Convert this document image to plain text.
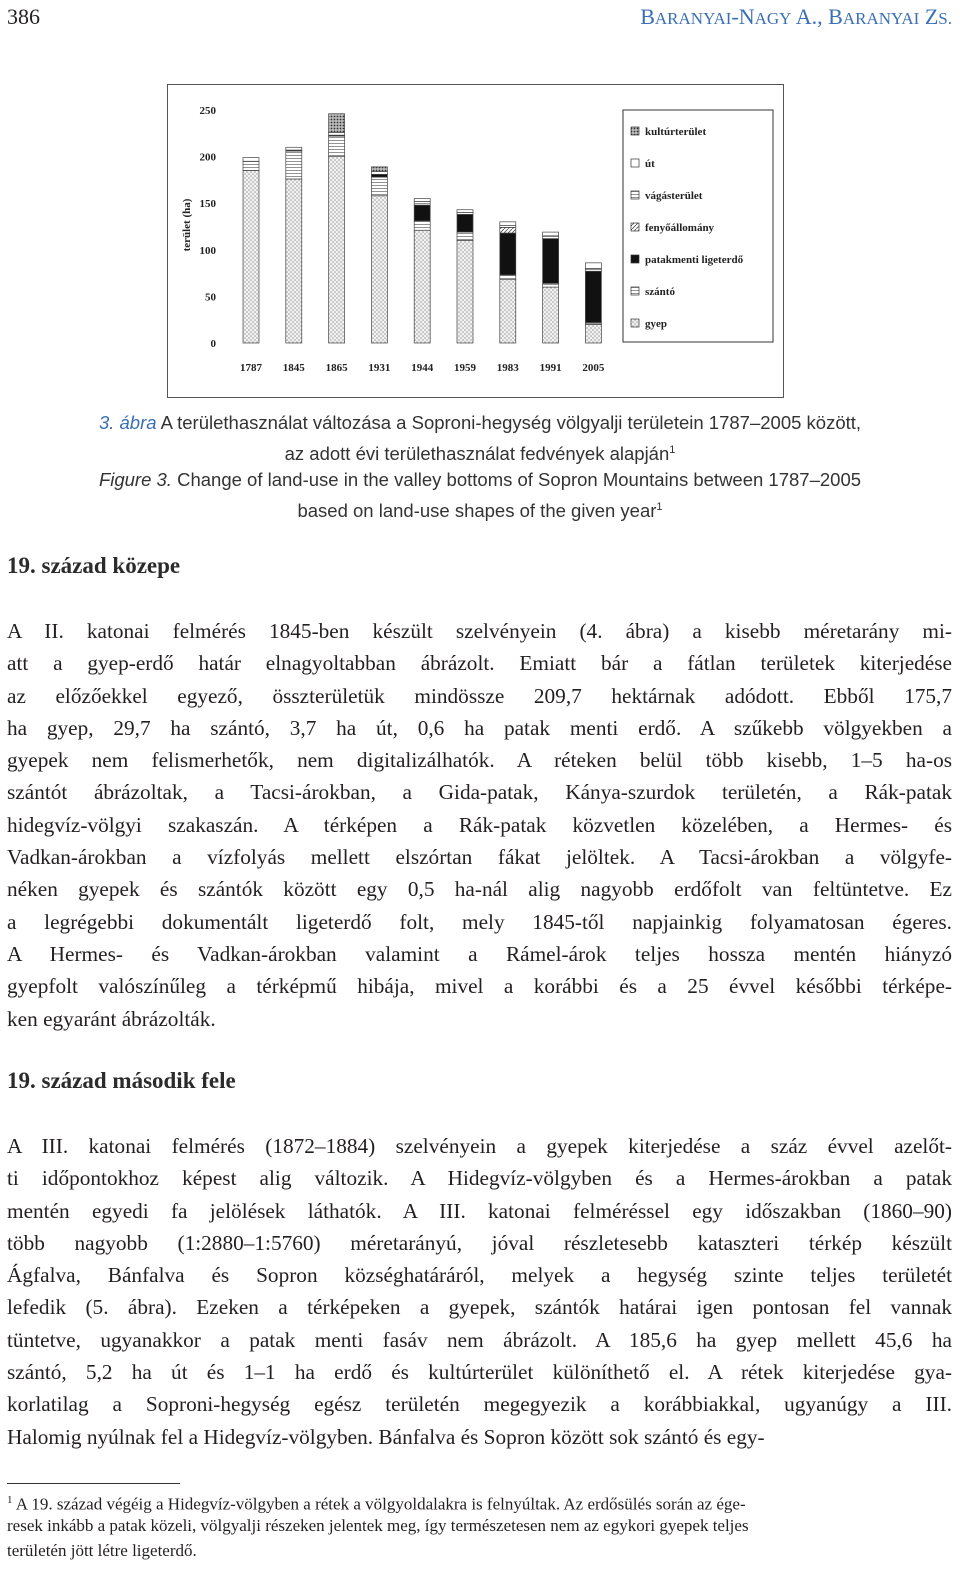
386	BARANYAI-NAGY A., BARANYAI ZS.
0
50
100
150
200
250
terület (ha)
1787 1845 1865 1931 1944 1959 1983 1991 2005
kultúrterület
út
vágásterület
fenyőállomány
patakmenti ligeterdő
szántó
gyep
3. ábra A területhasználat változása a Soproni-hegység völgyalji területein 1787–2005 között,
az adott évi területhasználat fedvények alapján$^1$
Figure 3. Change of land-use in the valley bottoms of Sopron Mountains between 1787–2005
based on land-use shapes of the given year$^1$
19. század közepe
A II. katonai felmérés 1845-ben készült szelvényein (4. ábra) a kisebb méretarány mi-
att a gyep-erdő határ elnagyoltabban ábrázolt. Emiatt bár a fátlan területek kiterjedése
az előzőekkel egyező, összterületük mindössze 209,7 hektárnak adódott. Ebből 175,7
ha gyep, 29,7 ha szántó, 3,7 ha út, 0,6 ha patak menti erdő. A szűkebb völgyekben a
gyepek nem felismerhetők, nem digitalizálhatók. A réteken belül több kisebb, 1–5 ha-os
szántót ábrázoltak, a Tacsi-árokban, a Gida-patak, Kánya-szurdok területén, a Rák-patak
hidegvíz-völgyi szakaszán. A térképen a Rák-patak közvetlen közelében, a Hermes- és
Vadkan-árokban a vízfolyás mellett elszórtan fákat jelöltek. A Tacsi-árokban a völgyfe-
néken gyepek és szántók között egy 0,5 ha-nál alig nagyobb erdőfolt van feltüntetve. Ez
a legrégebbi dokumentált ligeterdő folt, mely 1845-től napjainkig folyamatosan égeres.
A Hermes- és Vadkan-árokban valamint a Rámel-árok teljes hossza mentén hiányzó
gyepfolt valószínűleg a térképmű hibája, mivel a korábbi és a 25 évvel későbbi térképe-
ken egyaránt ábrázolták.
19. század második fele
A III. katonai felmérés (1872–1884) szelvényein a gyepek kiterjedése a száz évvel azelőt-
ti időpontokhoz képest alig változik. A Hidegvíz-völgyben és a Hermes-árokban a patak
mentén egyedi fa jelölések láthatók. A III. katonai felméréssel egy időszakban (1860–90)
több nagyobb (1:2880–1:5760) méretarányú, jóval részletesebb kataszteri térkép készült
Ágfalva, Bánfalva és Sopron községhatáráról, melyek a hegység szinte teljes területét
lefedik (5. ábra). Ezeken a térképeken a gyepek, szántók határai igen pontosan fel vannak
tüntetve, ugyanakkor a patak menti fasáv nem ábrázolt. A 185,6 ha gyep mellett 45,6 ha
szántó, 5,2 ha út és 1–1 ha erdő és kultúrterület különíthető el. A rétek kiterjedése gya-
korlatilag a Soproni-hegység egész területén megegyezik a korábbiakkal, ugyanúgy a III.
Halomig nyúlnak fel a Hidegvíz-völgyben. Bánfalva és Sopron között sok szántó és egy-
$^1$ A 19. század végéig a Hidegvíz-völgyben a rétek a völgyoldalakra is felnyúltak. Az erdősülés során az ége-
resek inkább a patak közeli, völgyalji részeken jelentek meg, így természetesen nem az egykori gyepek teljes
területén jött létre ligeterdő.
